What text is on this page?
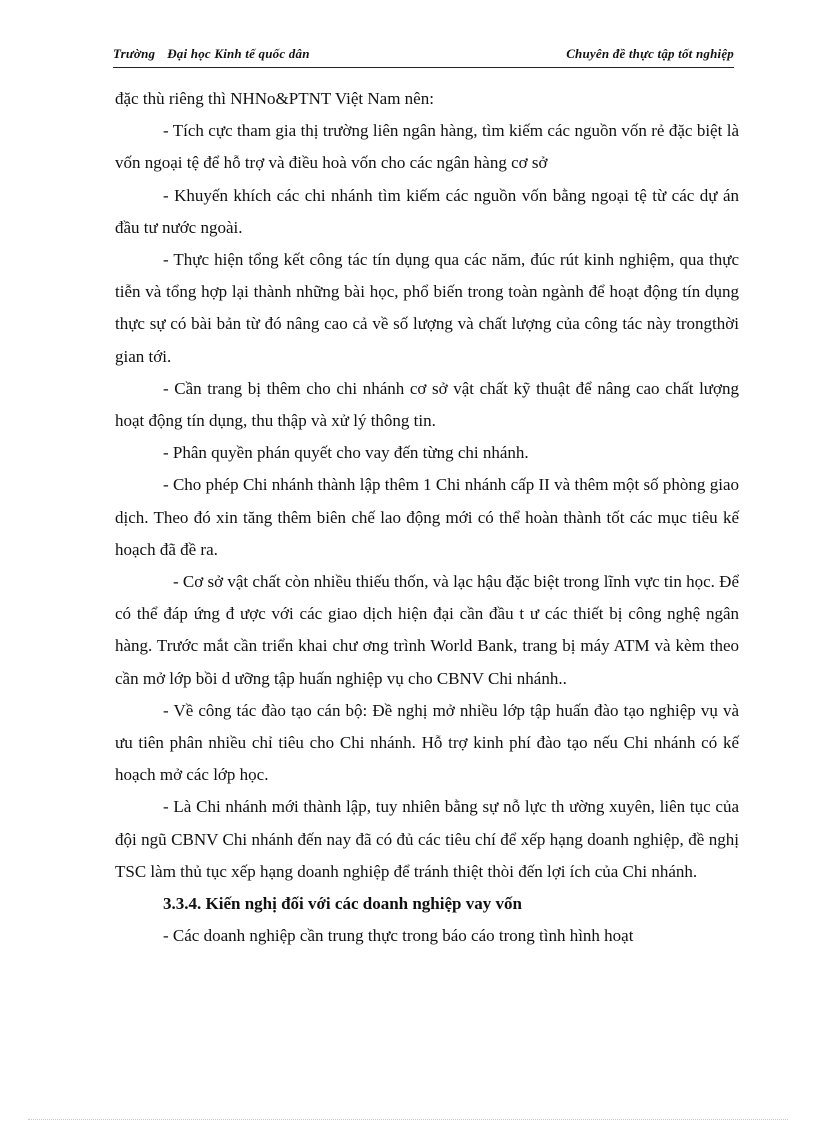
Trường Đại học Kinh tế quốc dân	Chuyên đề thực tập tốt nghiệp

đặc thù riêng thì NHNo&PTNT Việt Nam nên:

- Tích cực tham gia thị trường liên ngân hàng, tìm kiếm các nguồn vốn rẻ đặc biệt là vốn ngoại tệ để hỗ trợ và điều hoà vốn cho các ngân hàng cơ sở

- Khuyến khích các chi nhánh tìm kiếm các nguồn vốn bằng ngoại tệ từ các dự án đầu tư nước ngoài.

- Thực hiện tổng kết công tác tín dụng qua các năm, đúc rút kinh nghiệm, qua thực tiễn và tổng hợp lại thành những bài học, phổ biến trong toàn ngành để hoạt động tín dụng thực sự có bài bản từ đó nâng cao cả về số lượng và chất lượng của công tác này trongthời gian tới.

- Cần trang bị thêm cho chi nhánh cơ sở vật chất kỹ thuật để nâng cao chất lượng hoạt động tín dụng, thu thập và xử lý thông tin.

- Phân quyền phán quyết cho vay đến từng chi nhánh.

- Cho phép Chi nhánh thành lập thêm 1 Chi nhánh cấp II và thêm một số phòng giao dịch. Theo đó xin tăng thêm biên chế lao động mới có thể hoàn thành tốt các mục tiêu kế hoạch đã đề ra.

- Cơ sở vật chất còn nhiều thiếu thốn, và lạc hậu đặc biệt trong lĩnh vực tin học. Để có thể đáp ứng đ ược với các giao dịch hiện đại cần đầu t ư các thiết bị công nghệ ngân hàng. Trước mắt cần triển khai chư ơng trình World Bank, trang bị máy ATM và kèm theo cần mở lớp bồi d ưỡng tập huấn nghiệp vụ cho CBNV Chi nhánh..

- Về công tác đào tạo cán bộ: Đề nghị mở nhiều lớp tập huấn đào tạo nghiệp vụ và ưu tiên phân nhiều chỉ tiêu cho Chi nhánh. Hỗ trợ kinh phí đào tạo nếu Chi nhánh có kế hoạch mở các lớp học.

- Là Chi nhánh mới thành lập, tuy nhiên bằng sự nỗ lực th ường xuyên, liên tục của đội ngũ CBNV Chi nhánh đến nay đã có đủ các tiêu chí để xếp hạng doanh nghiệp, đề nghị TSC làm thủ tục xếp hạng doanh nghiệp để tránh thiệt thòi đến lợi ích của Chi nhánh.

3.3.4. Kiến nghị đối với các doanh nghiệp vay vốn

- Các doanh nghiệp cần trung thực trong báo cáo trong tình hình hoạt
